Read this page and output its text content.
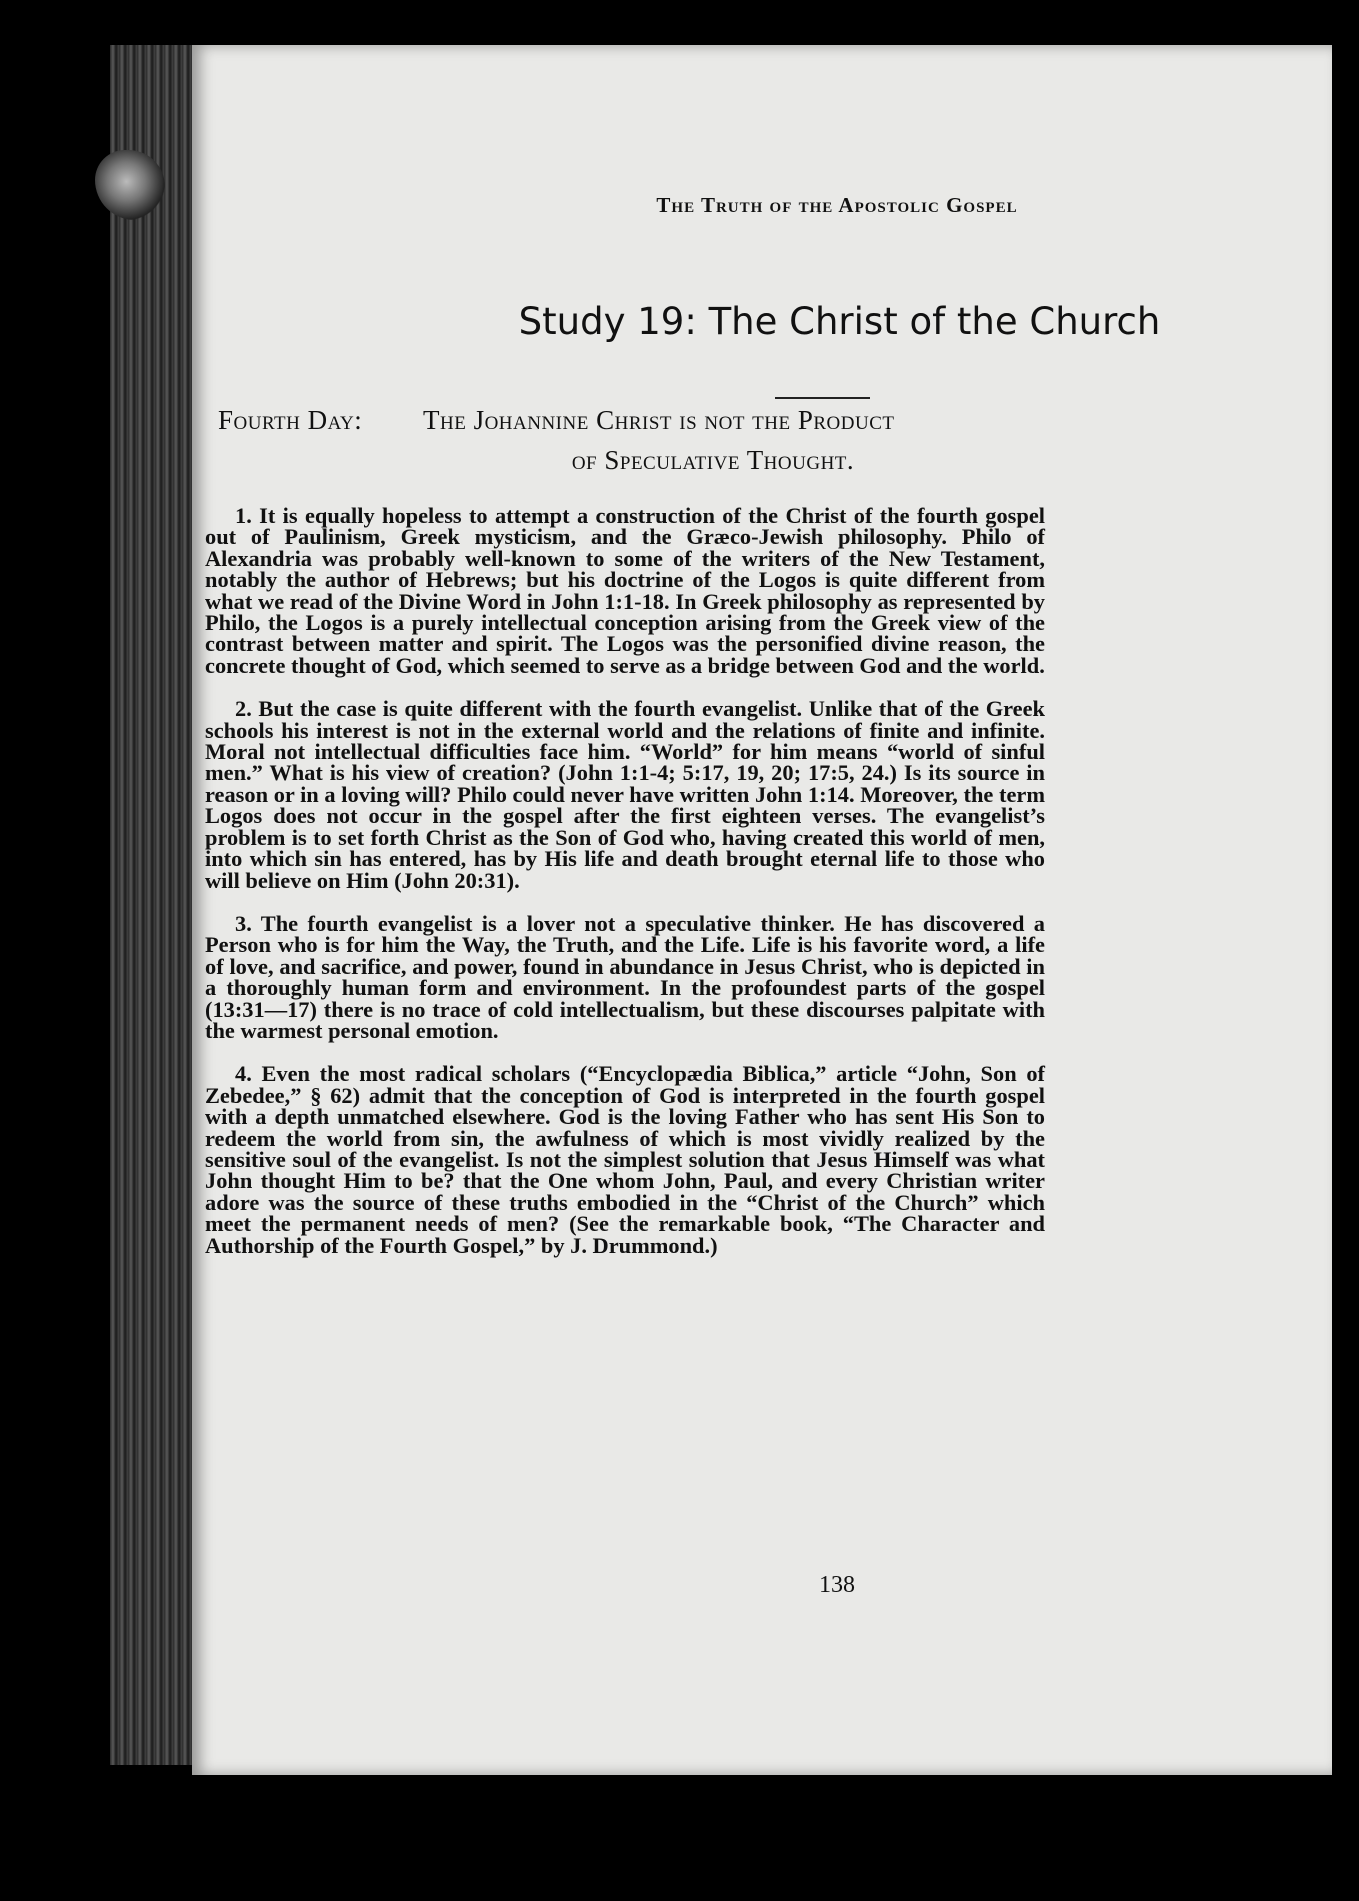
The Truth of the Apostolic Gospel
Study 19: The Christ of the Church
Fourth Day: The Johannine Christ is not the Product
of Speculative Thought.

1. It is equally hopeless to attempt a construction of the Christ of the fourth gospel out of Paulinism, Greek mysticism, and the Græco-Jewish philosophy. Philo of Alexandria was probably well-known to some of the writers of the New Testament, notably the author of Hebrews; but his doctrine of the Logos is quite different from what we read of the Divine Word in John 1:1-18. In Greek philosophy as represented by Philo, the Logos is a purely intellectual conception arising from the Greek view of the contrast between matter and spirit. The Logos was the personified divine reason, the concrete thought of God, which seemed to serve as a bridge between God and the world.

2. But the case is quite different with the fourth evangelist. Unlike that of the Greek schools his interest is not in the external world and the relations of finite and infinite. Moral not intellectual difficulties face him. “World” for him means “world of sinful men.” What is his view of creation? (John 1:1-4; 5:17, 19, 20; 17:5, 24.) Is its source in reason or in a loving will? Philo could never have written John 1:14. Moreover, the term Logos does not occur in the gospel after the first eighteen verses. The evangelist’s problem is to set forth Christ as the Son of God who, having created this world of men, into which sin has entered, has by His life and death brought eternal life to those who will believe on Him (John 20:31).

3. The fourth evangelist is a lover not a speculative thinker. He has discovered a Person who is for him the Way, the Truth, and the Life. Life is his favorite word, a life of love, and sacrifice, and power, found in abundance in Jesus Christ, who is depicted in a thoroughly human form and environment. In the profoundest parts of the gospel (13:31—17) there is no trace of cold intellectualism, but these discourses palpitate with the warmest personal emotion.

4. Even the most radical scholars (“Encyclopædia Biblica,” article “John, Son of Zebedee,” § 62) admit that the conception of God is interpreted in the fourth gospel with a depth unmatched elsewhere. God is the loving Father who has sent His Son to redeem the world from sin, the awfulness of which is most vividly realized by the sensitive soul of the evangelist. Is not the simplest solution that Jesus Himself was what John thought Him to be? that the One whom John, Paul, and every Christian writer adore was the source of these truths embodied in the “Christ of the Church” which meet the permanent needs of men? (See the remarkable book, “The Character and Authorship of the Fourth Gospel,” by J. Drummond.)

138
